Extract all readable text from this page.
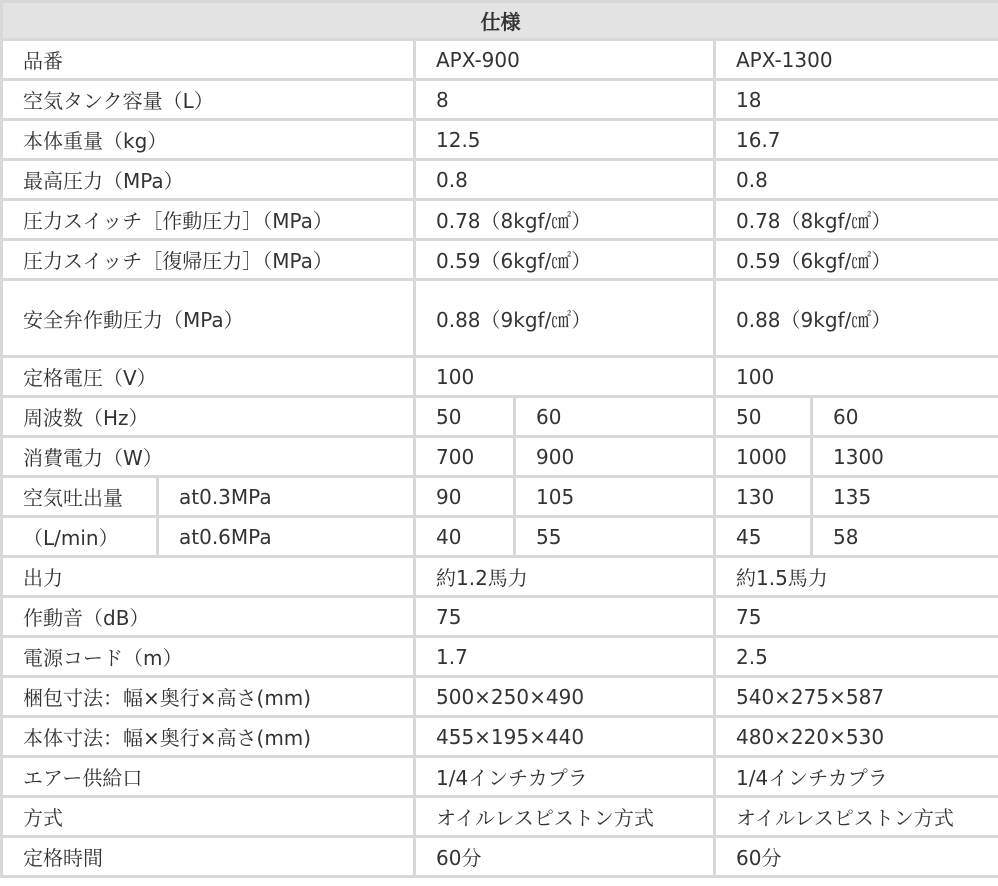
仕様					
品番		APX-900		APX-1300	
空気タンク容量（L）		8		18	
本体重量（kg）		12.5		16.7	
最高圧力（MPa）		0.8		0.8	
圧力スイッチ［作動圧力］（MPa）		0.78（8kgf/㎠）		0.78（8kgf/㎠）	
圧力スイッチ［復帰圧力］（MPa）		0.59（6kgf/㎠）		0.59（6kgf/㎠）	
安全弁作動圧力（MPa）		0.88（9kgf/㎠）		0.88（9kgf/㎠）	
定格電圧（V）		100		100	
周波数（Hz）		50	60	50	60
消費電力（W）		700	900	1000	1300
空気吐出量	at0.3MPa	90	105	130	135
（L/min）	at0.6MPa	40	55	45	58
出力		約1.2馬力		約1.5馬力	
作動音（dB）		75		75	
電源コード（m）		1.7		2.5	
梱包寸法：幅×奥行×高さ(mm)		500×250×490		540×275×587	
本体寸法：幅×奥行×高さ(mm)		455×195×440		480×220×530	
エアー供給口		1/4インチカプラ		1/4インチカプラ	
方式		オイルレスピストン方式		オイルレスピストン方式	
定格時間		60分		60分	
